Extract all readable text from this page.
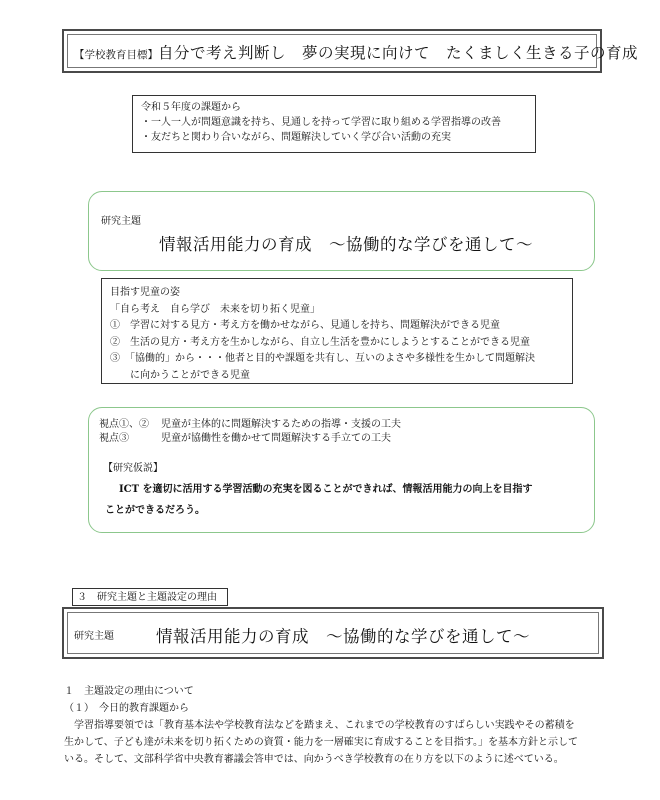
【学校教育目標】自分で考え判断し　夢の実現に向けて　たくましく生きる子の育成
令和５年度の課題から
・一人一人が問題意識を持ち、見通しを持って学習に取り組める学習指導の改善
・友だちと関わり合いながら、問題解決していく学び合い活動の充実
研究主題
情報活用能力の育成　～協働的な学びを通して～
目指す児童の姿
「自ら考え　自ら学び　未来を切り拓く児童」
①　学習に対する見方・考え方を働かせながら、見通しを持ち、問題解決ができる児童
②　生活の見方・考え方を生かしながら、自立し生活を豊かにしようとすることができる児童
③　「協働的」から・・・他者と目的や課題を共有し、互いのよさや多様性を生かして問題解決
　　に向かうことができる児童
視点①、② 児童が主体的に問題解決するための指導・支援の工夫
視点③	児童が協働性を働かせて問題解決する手立ての工夫
【研究仮説】
ICT を適切に活用する学習活動の充実を図ることができれば、情報活用能力の向上を目指す
ことができるだろう。
３　研究主題と主題設定の理由
研究主題	情報活用能力の育成　～協働的な学びを通して～
１　主題設定の理由について
（１）　今日的教育課題から
　学習指導要領では「教育基本法や学校教育法などを踏まえ、これまでの学校教育のすばらしい実践やその蓄積を
生かして、子ども達が未来を切り拓くための資質・能力を一層確実に育成することを目指す。」を基本方針と示して
いる。そして、文部科学省中央教育審議会答申では、向かうべき学校教育の在り方を以下のように述べている。
